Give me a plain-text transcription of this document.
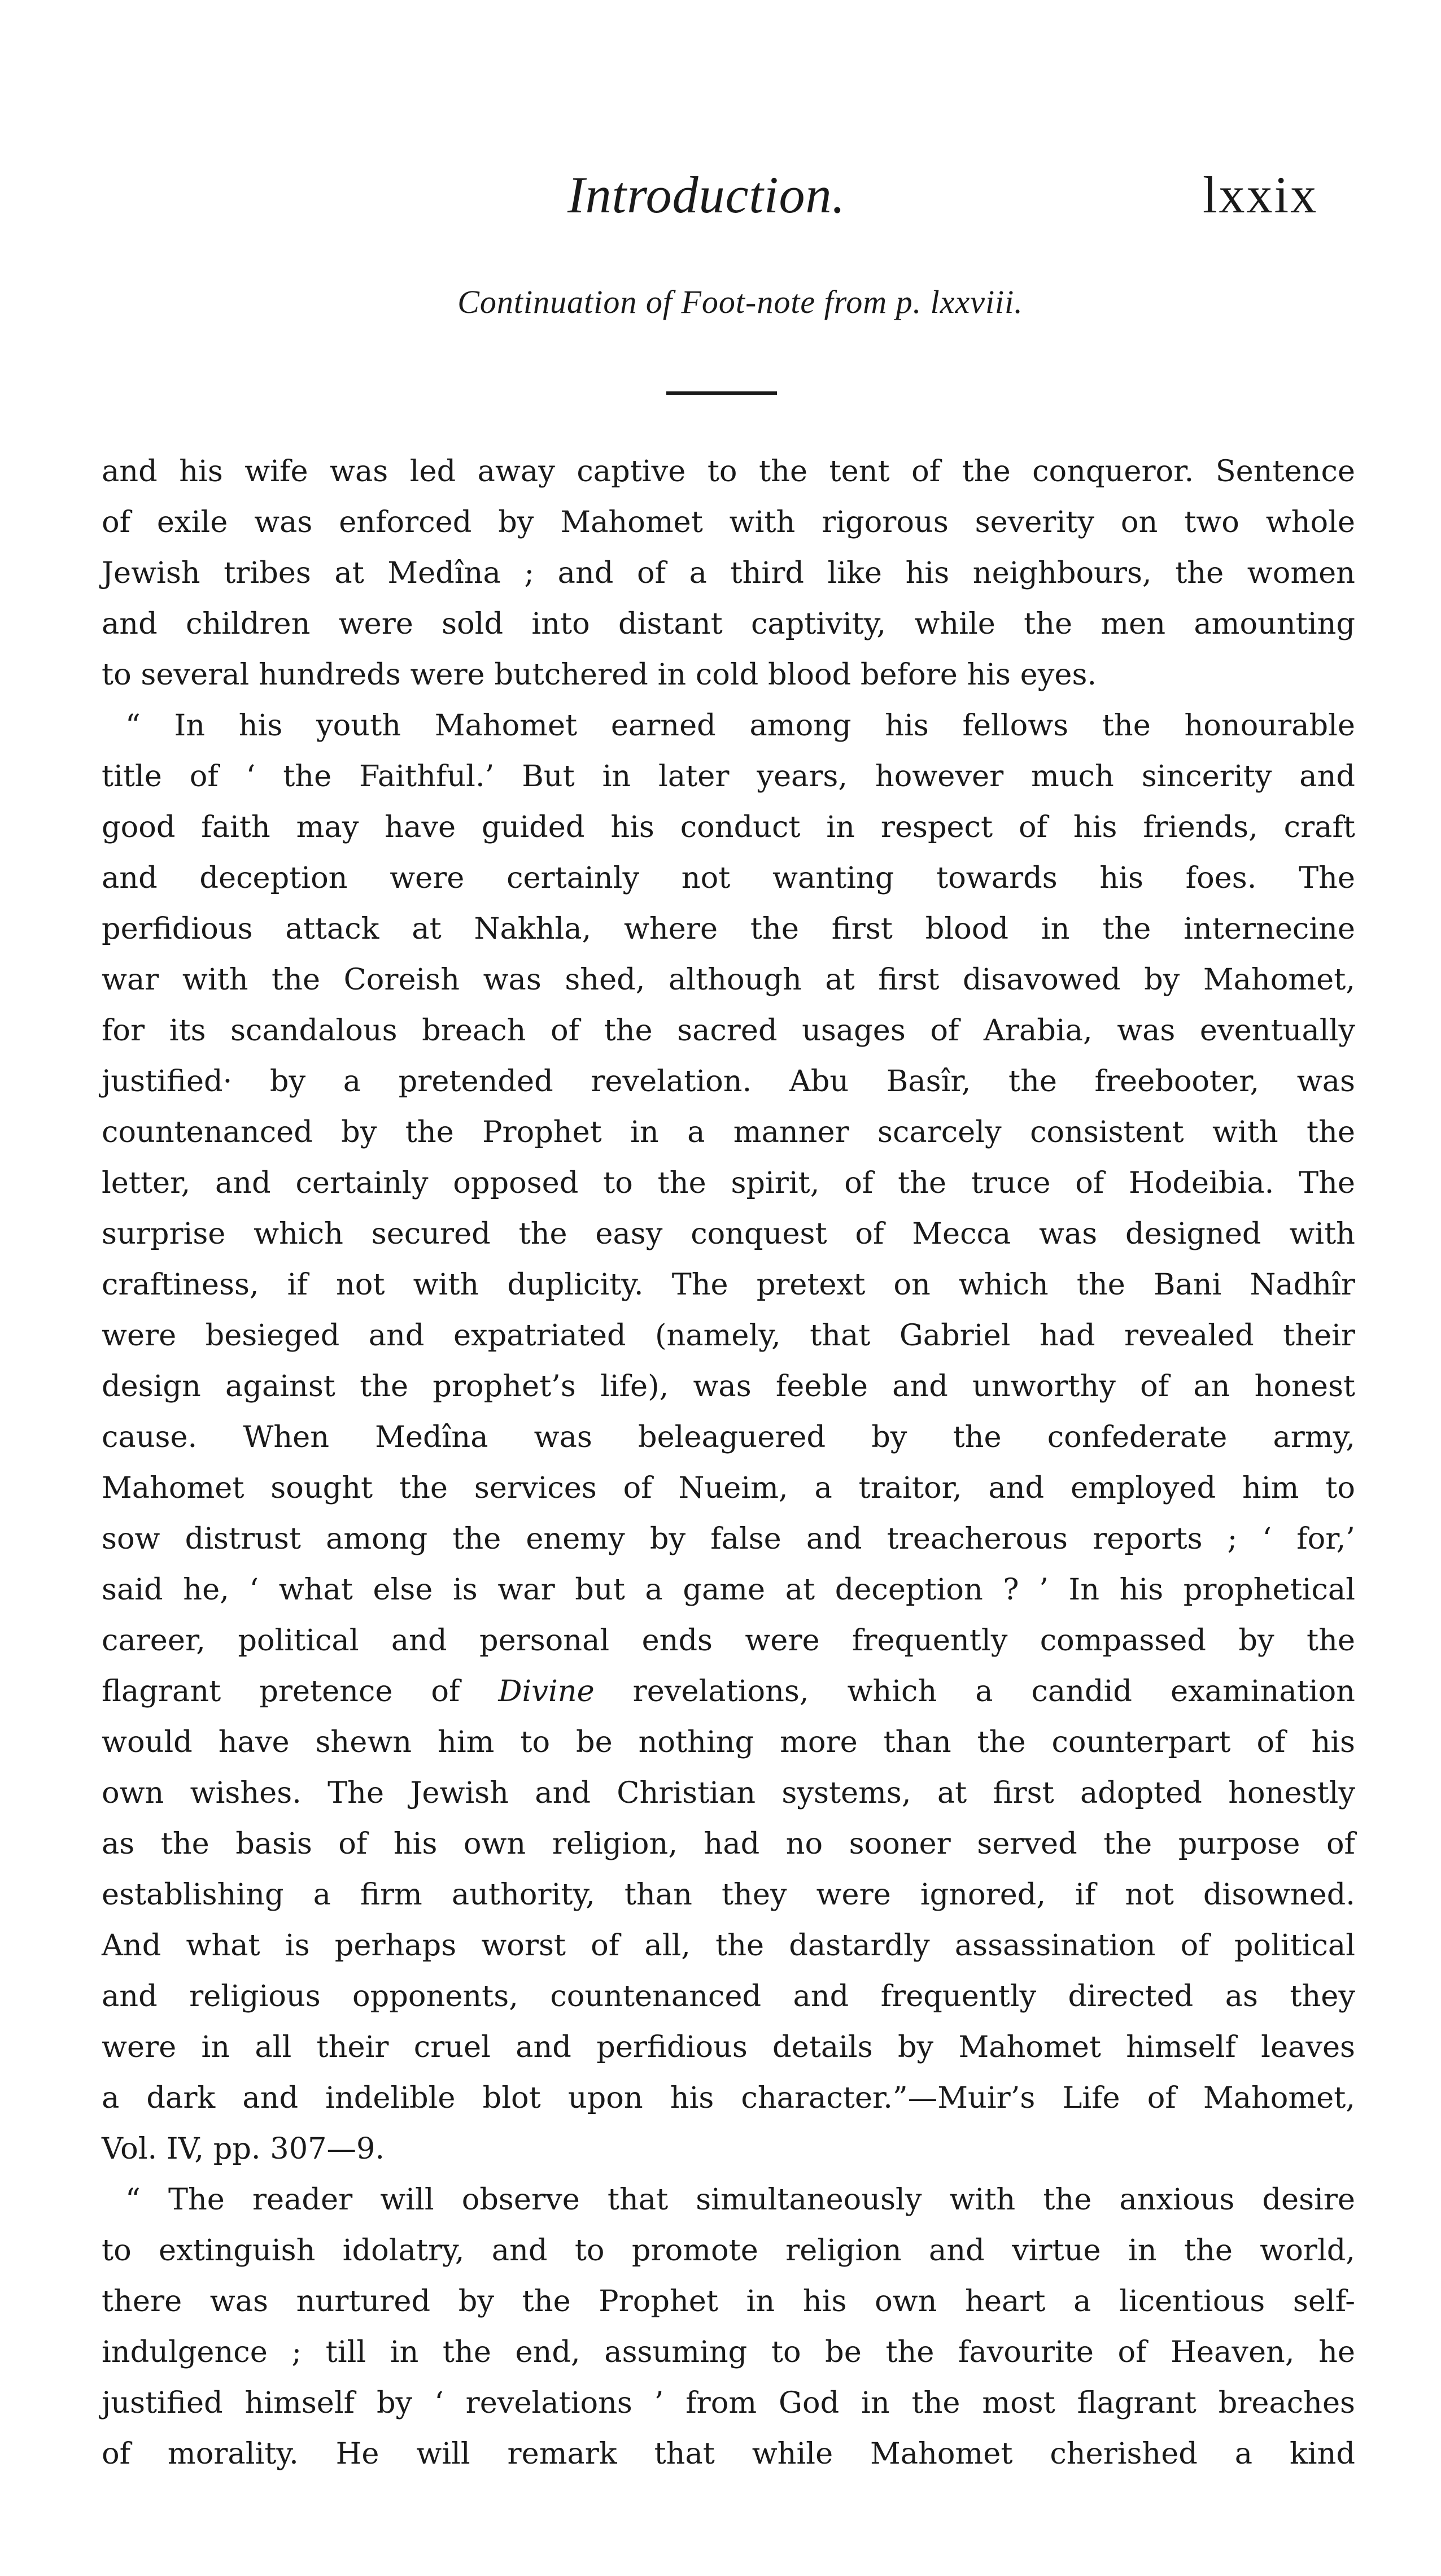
Introduction.	lxxix
Continuation of Foot-note from p. lxxviii.
and his wife was led away captive to the tent of the conqueror. Sentence
of exile was enforced by Mahomet with rigorous severity on two whole
Jewish tribes at Medîna ; and of a third like his neighbours, the women
and children were sold into distant captivity, while the men amounting
to several hundreds were butchered in cold blood before his eyes.
“ In his youth Mahomet earned among his fellows the honourable
title of ‘ the Faithful.’ But in later years, however much sincerity and
good faith may have guided his conduct in respect of his friends, craft
and deception were certainly not wanting towards his foes. The
perfidious attack at Nakhla, where the first blood in the internecine
war with the Coreish was shed, although at first disavowed by Mahomet,
for its scandalous breach of the sacred usages of Arabia, was eventually
justified· by a pretended revelation. Abu Basîr, the freebooter, was
countenanced by the Prophet in a manner scarcely consistent with the
letter, and certainly opposed to the spirit, of the truce of Hodeibia. The
surprise which secured the easy conquest of Mecca was designed with
craftiness, if not with duplicity. The pretext on which the Bani Nadhîr
were besieged and expatriated (namely, that Gabriel had revealed their
design against the prophet’s life), was feeble and unworthy of an honest
cause. When Medîna was beleaguered by the confederate army,
Mahomet sought the services of Nueim, a traitor, and employed him to
sow distrust among the enemy by false and treacherous reports ; ‘ for,’
said he, ‘ what else is war but a game at deception ? ’ In his prophetical
career, political and personal ends were frequently compassed by the
flagrant pretence of Divine revelations, which a candid examination
would have shewn him to be nothing more than the counterpart of his
own wishes. The Jewish and Christian systems, at first adopted honestly
as the basis of his own religion, had no sooner served the purpose of
establishing a firm authority, than they were ignored, if not disowned.
And what is perhaps worst of all, the dastardly assassination of political
and religious opponents, countenanced and frequently directed as they
were in all their cruel and perfidious details by Mahomet himself leaves
a dark and indelible blot upon his character.”—Muir’s Life of Mahomet,
Vol. IV, pp. 307—9.
“ The reader will observe that simultaneously with the anxious desire
to extinguish idolatry, and to promote religion and virtue in the world,
there was nurtured by the Prophet in his own heart a licentious self-
indulgence ; till in the end, assuming to be the favourite of Heaven, he
justified himself by ‘ revelations ’ from God in the most flagrant breaches
of morality. He will remark that while Mahomet cherished a kind
